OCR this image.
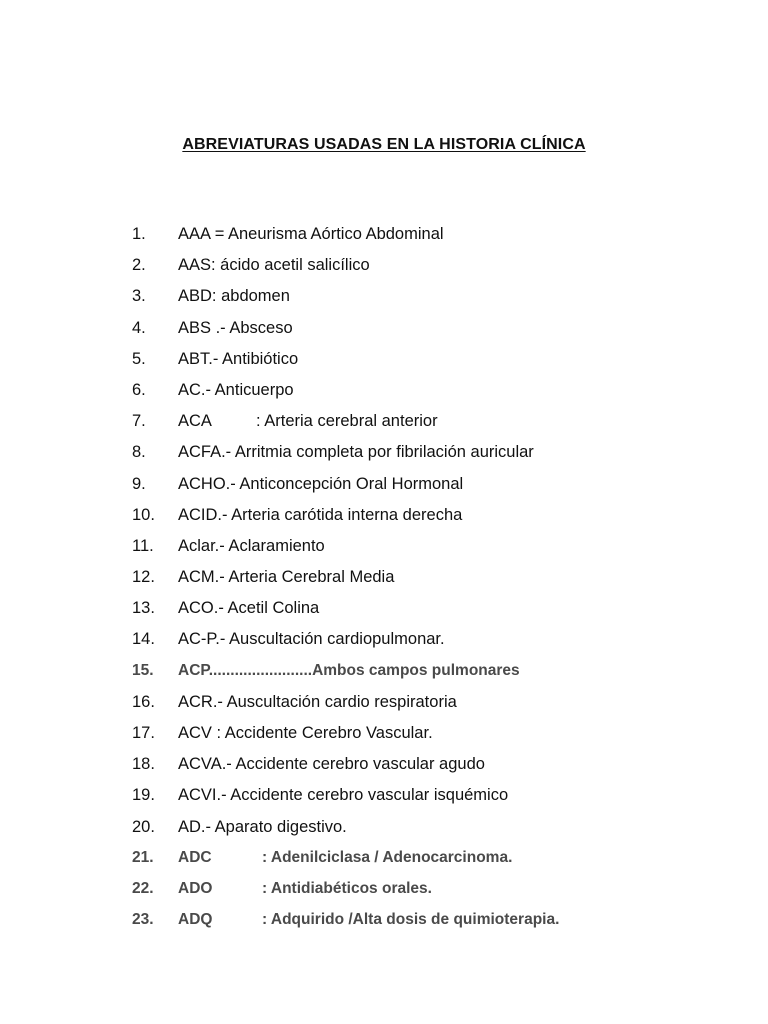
ABREVIATURAS USADAS EN LA HISTORIA CLÍNICA
1.	AAA = Aneurisma Aórtico Abdominal
2.	AAS: ácido acetil salicílico
3.	ABD: abdomen
4.	ABS .- Absceso
5.	ABT.- Antibiótico
6.	AC.- Anticuerpo
7.	ACA	: Arteria cerebral anterior
8.	ACFA.- Arritmia completa por fibrilación auricular
9.	ACHO.- Anticoncepción Oral Hormonal
10.	ACID.- Arteria carótida interna derecha
11.	Aclar.- Aclaramiento
12.	ACM.- Arteria Cerebral Media
13.	ACO.- Acetil Colina
14.	AC-P.- Auscultación cardiopulmonar.
15.	ACP........................Ambos campos pulmonares
16.	ACR.- Auscultación cardio respiratoria
17.	ACV : Accidente Cerebro Vascular.
18.	ACVA.- Accidente cerebro vascular agudo
19.	ACVI.- Accidente cerebro vascular isquémico
20.	AD.- Aparato digestivo.
21.	ADC	: Adenilciclasa / Adenocarcinoma.
22.	ADO	: Antidiabéticos orales.
23.	ADQ	: Adquirido /Alta dosis de quimioterapia.
